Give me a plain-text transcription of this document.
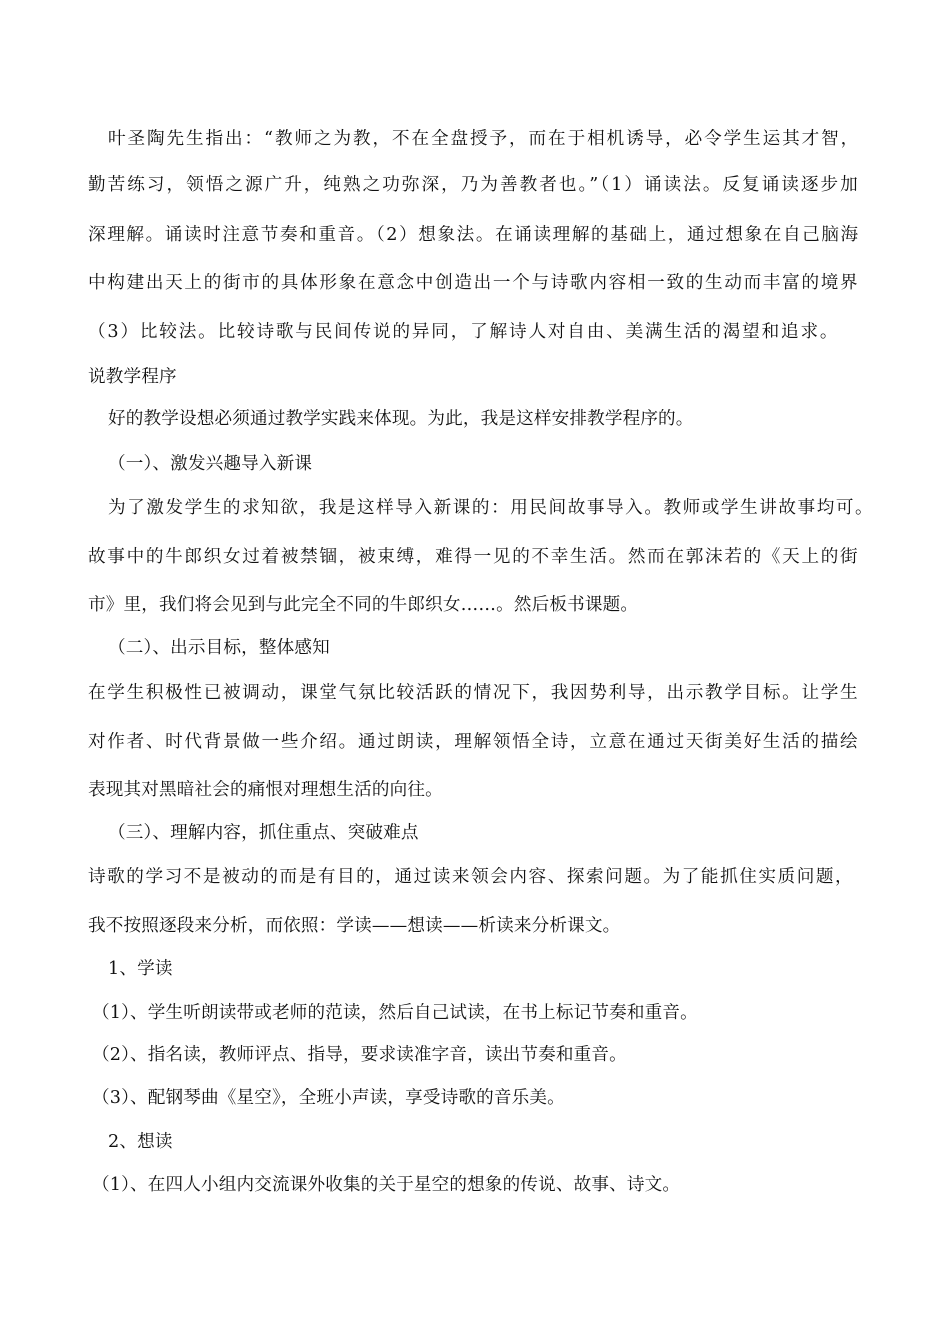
叶圣陶先生指出：“教师之为教，不在全盘授予，而在于相机诱导，必令学生运其才智，
勤苦练习，领悟之源广升，纯熟之功弥深，乃为善教者也。”（1）诵读法。反复诵读逐步加
深理解。诵读时注意节奏和重音。（2）想象法。在诵读理解的基础上，通过想象在自己脑海
中构建出天上的街市的具体形象在意念中创造出一个与诗歌内容相一致的生动而丰富的境界
（3）比较法。比较诗歌与民间传说的异同，了解诗人对自由、美满生活的渴望和追求。
说教学程序
好的教学设想必须通过教学实践来体现。为此，我是这样安排教学程序的。
（一）、激发兴趣导入新课
为了激发学生的求知欲，我是这样导入新课的：用民间故事导入。教师或学生讲故事均可。
故事中的牛郎织女过着被禁锢，被束缚，难得一见的不幸生活。然而在郭沫若的《天上的街
市》里，我们将会见到与此完全不同的牛郎织女……。然后板书课题。
（二）、出示目标，整体感知
在学生积极性已被调动，课堂气氛比较活跃的情况下，我因势利导，出示教学目标。让学生
对作者、时代背景做一些介绍。通过朗读，理解领悟全诗，立意在通过天街美好生活的描绘
表现其对黑暗社会的痛恨对理想生活的向往。
（三）、理解内容，抓住重点、突破难点
诗歌的学习不是被动的而是有目的，通过读来领会内容、探索问题。为了能抓住实质问题，
我不按照逐段来分析，而依照：学读——想读——析读来分析课文。
1、学读
（1）、学生听朗读带或老师的范读，然后自己试读，在书上标记节奏和重音。
（2）、指名读，教师评点、指导，要求读准字音，读出节奏和重音。
（3）、配钢琴曲《星空》，全班小声读，享受诗歌的音乐美。
2、想读
（1）、在四人小组内交流课外收集的关于星空的想象的传说、故事、诗文。
